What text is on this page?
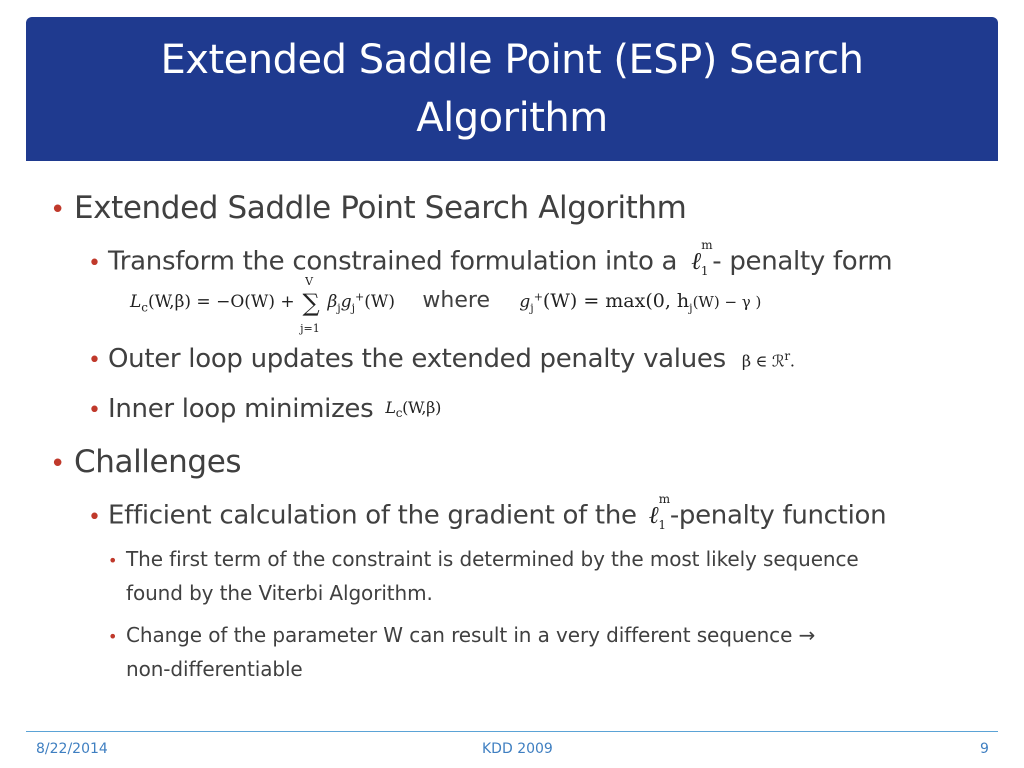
Extended Saddle Point (ESP) Search Algorithm
• Extended Saddle Point Search Algorithm
• Transform the constrained formulation into a ℓ$_1^m$- penalty form
$L_c(W,\beta) = -O(W)$ +
V
∑
j=1
$\beta_jg_j^+(W)$ where $g_j^+(W) = \max(0$, $h_j(W) - \gamma$ )
• Outer loop updates the extended penalty values β ∈ ℛ$^r$.
• Inner loop minimizes $L_c(W,\beta)$
• Challenges
• Efficient calculation of the gradient of the ℓ$_1^m$-penalty function
• The first term of the constraint is determined by the most likely sequence
found by the Viterbi Algorithm.
• Change of the parameter W can result in a very different sequence →
non-differentiable
8/22/2014	KDD 2009	9
